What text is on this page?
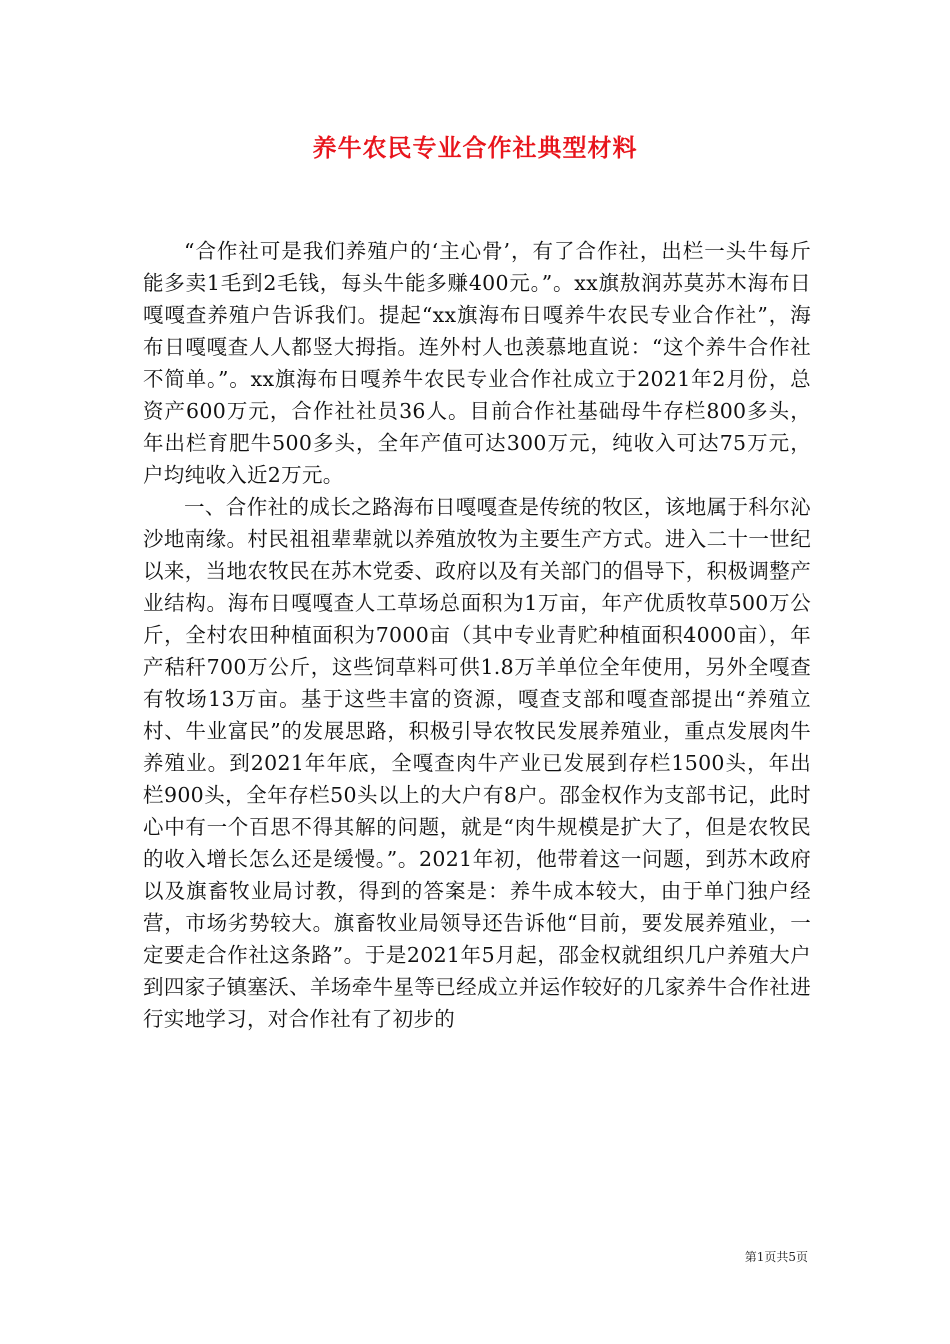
养牛农民专业合作社典型材料

“合作社可是我们养殖户的‘主心骨’，有了合作社，出栏一头牛每斤能多卖1毛到2毛钱，每头牛能多赚400元。”。xx旗敖润苏莫苏木海布日嘎嘎查养殖户告诉我们。提起“xx旗海布日嘎养牛农民专业合作社”，海布日嘎嘎查人人都竖大拇指。连外村人也羡慕地直说：“这个养牛合作社不简单。”。xx旗海布日嘎养牛农民专业合作社成立于2021年2月份，总资产600万元，合作社社员36人。目前合作社基础母牛存栏800多头，年出栏育肥牛500多头，全年产值可达300万元，纯收入可达75万元，户均纯收入近2万元。

一、合作社的成长之路海布日嘎嘎查是传统的牧区，该地属于科尔沁沙地南缘。村民祖祖辈辈就以养殖放牧为主要生产方式。进入二十一世纪以来，当地农牧民在苏木党委、政府以及有关部门的倡导下，积极调整产业结构。海布日嘎嘎查人工草场总面积为1万亩，年产优质牧草500万公斤，全村农田种植面积为7000亩（其中专业青贮种植面积4000亩），年产秸秆700万公斤，这些饲草料可供1.8万羊单位全年使用，另外全嘎查有牧场13万亩。基于这些丰富的资源，嘎查支部和嘎查部提出“养殖立村、牛业富民”的发展思路，积极引导农牧民发展养殖业，重点发展肉牛养殖业。到2021年年底，全嘎查肉牛产业已发展到存栏1500头，年出栏900头，全年存栏50头以上的大户有8户。邵金权作为支部书记，此时心中有一个百思不得其解的问题，就是“肉牛规模是扩大了，但是农牧民的收入增长怎么还是缓慢。”。2021年初，他带着这一问题，到苏木政府以及旗畜牧业局讨教，得到的答案是：养牛成本较大，由于单门独户经营，市场劣势较大。旗畜牧业局领导还告诉他“目前，要发展养殖业，一定要走合作社这条路”。于是2021年5月起，邵金权就组织几户养殖大户到四家子镇塞沃、羊场牵牛星等已经成立并运作较好的几家养牛合作社进行实地学习，对合作社有了初步的

第1页共5页
